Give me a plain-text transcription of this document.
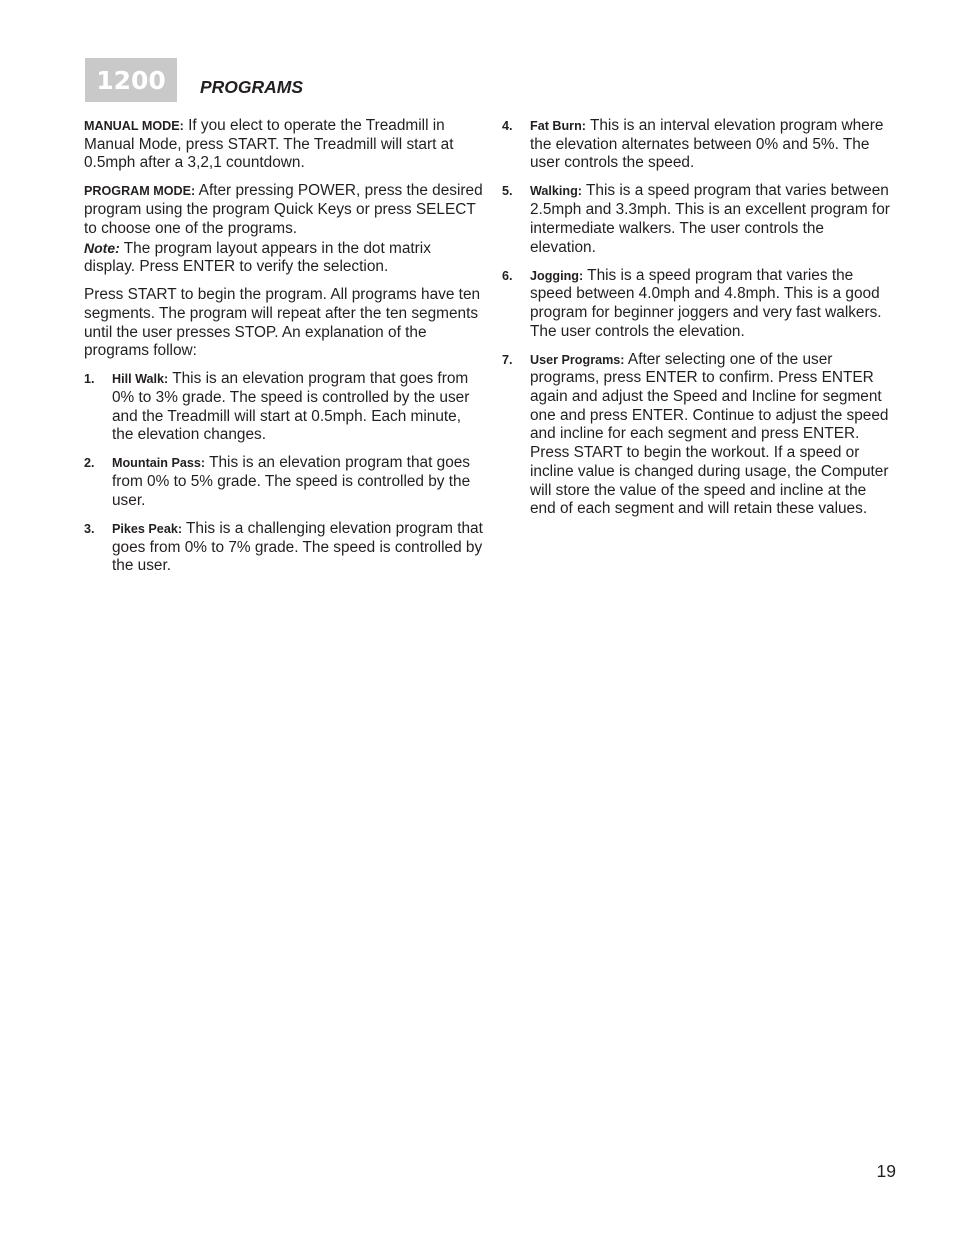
1200	PROGRAMS

MANUAL MODE: If you elect to operate the Treadmill in Manual Mode, press START. The Treadmill will start at 0.5mph after a 3,2,1 countdown.

PROGRAM MODE: After pressing POWER, press the desired program using the program Quick Keys or press SELECT to choose one of the programs.
Note: The program layout appears in the dot matrix display. Press ENTER to verify the selection.

Press START to begin the program. All programs have ten segments. The program will repeat after the ten segments until the user presses STOP. An explanation of the programs follow:

1.	Hill Walk: This is an elevation program that goes from 0% to 3% grade. The speed is controlled by the user and the Treadmill will start at 0.5mph. Each minute, the elevation changes.
2.	Mountain Pass: This is an elevation program that goes from 0% to 5% grade. The speed is controlled by the user.
3.	Pikes Peak: This is a challenging elevation program that goes from 0% to 7% grade. The speed is controlled by the user.
4.	Fat Burn: This is an interval elevation program where the elevation alternates between 0% and 5%. The user controls the speed.
5.	Walking: This is a speed program that varies between 2.5mph and 3.3mph. This is an excellent program for intermediate walkers. The user controls the elevation.
6.	Jogging: This is a speed program that varies the speed between 4.0mph and 4.8mph. This is a good program for beginner joggers and very fast walkers. The user controls the elevation.
7.	User Programs: After selecting one of the user programs, press ENTER to confirm. Press ENTER again and adjust the Speed and Incline for segment one and press ENTER. Continue to adjust the speed and incline for each segment and press ENTER. Press START to begin the workout. If a speed or incline value is changed during usage, the Computer will store the value of the speed and incline at the end of each segment and will retain these values.
19
